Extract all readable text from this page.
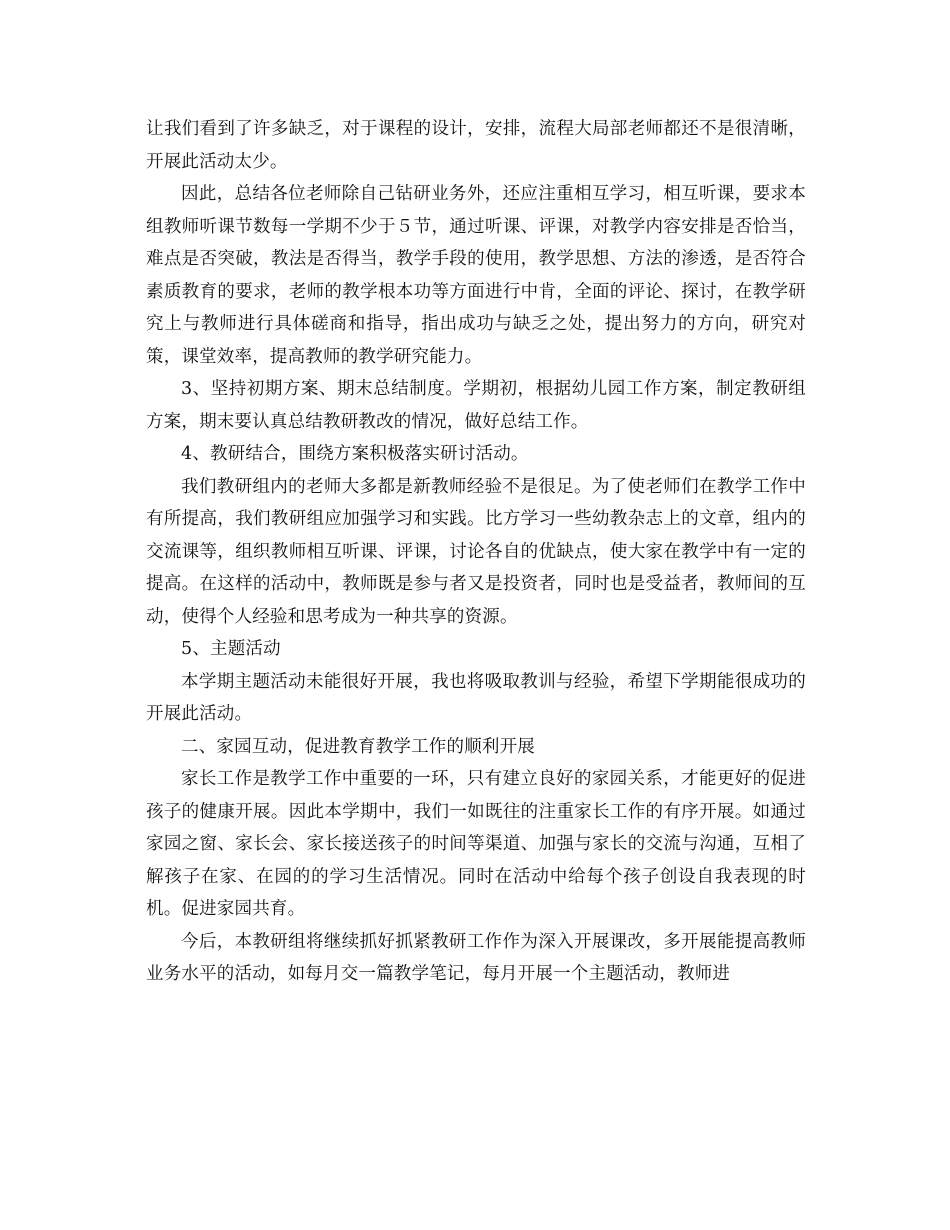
让我们看到了许多缺乏，对于课程的设计，安排，流程大局部老师都还不是很清晰，开展此活动太少。

因此，总结各位老师除自己钻研业务外，还应注重相互学习，相互听课，要求本组教师听课节数每一学期不少于５节，通过听课、评课，对教学内容安排是否恰当，难点是否突破，教法是否得当，教学手段的使用，教学思想、方法的渗透，是否符合素质教育的要求，老师的教学根本功等方面进行中肯，全面的评论、探讨，在教学研究上与教师进行具体磋商和指导，指出成功与缺乏之处，提出努力的方向，研究对策，课堂效率，提高教师的教学研究能力。

3、坚持初期方案、期末总结制度。学期初，根据幼儿园工作方案，制定教研组方案，期末要认真总结教研教改的情况，做好总结工作。

4、教研结合，围绕方案积极落实研讨活动。

我们教研组内的老师大多都是新教师经验不是很足。为了使老师们在教学工作中有所提高，我们教研组应加强学习和实践。比方学习一些幼教杂志上的文章，组内的交流课等，组织教师相互听课、评课，讨论各自的优缺点，使大家在教学中有一定的提高。在这样的活动中，教师既是参与者又是投资者，同时也是受益者，教师间的互动，使得个人经验和思考成为一种共享的资源。

5、主题活动

本学期主题活动未能很好开展，我也将吸取教训与经验，希望下学期能很成功的开展此活动。

二、家园互动，促进教育教学工作的顺利开展

家长工作是教学工作中重要的一环，只有建立良好的家园关系，才能更好的促进孩子的健康开展。因此本学期中，我们一如既往的注重家长工作的有序开展。如通过家园之窗、家长会、家长接送孩子的时间等渠道、加强与家长的交流与沟通，互相了解孩子在家、在园的的学习生活情况。同时在活动中给每个孩子创设自我表现的时机。促进家园共育。

今后，本教研组将继续抓好抓紧教研工作作为深入开展课改，多开展能提高教师业务水平的活动，如每月交一篇教学笔记，每月开展一个主题活动，教师进
